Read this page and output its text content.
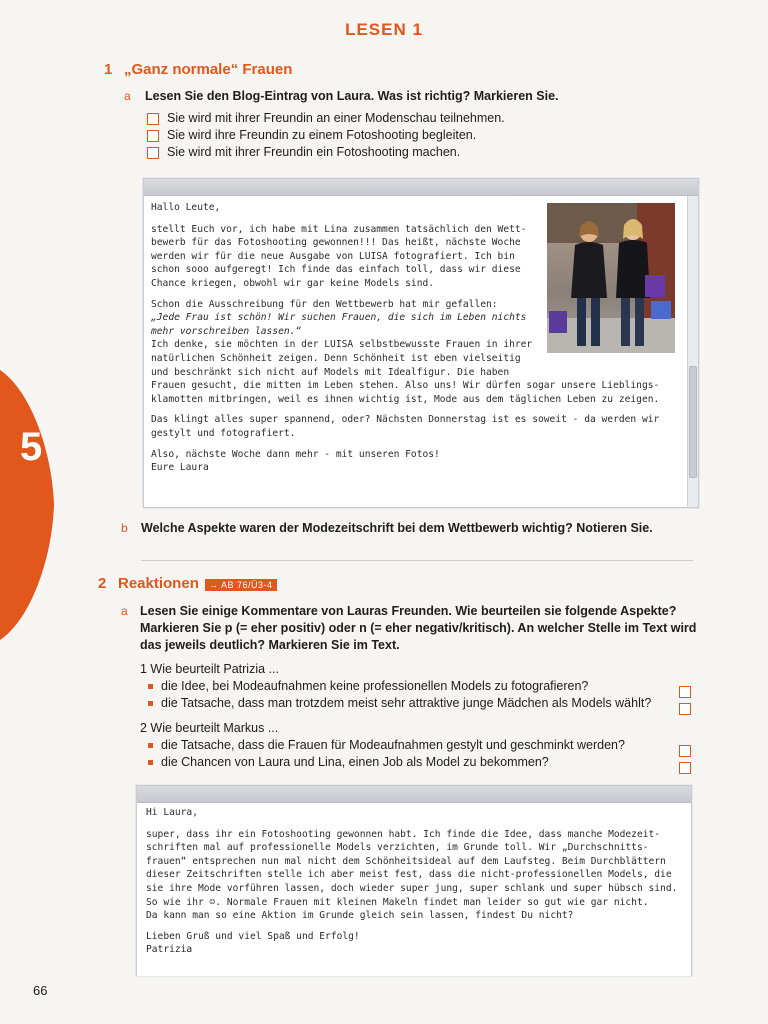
5
LESEN 1
1 „Ganz normale“ Frauen
a Lesen Sie den Blog-Eintrag von Laura. Was ist richtig? Markieren Sie.
Sie wird mit ihrer Freundin an einer Modenschau teilnehmen.
Sie wird ihre Freundin zu einem Fotoshooting begleiten.
Sie wird mit ihrer Freundin ein Fotoshooting machen.
Hallo Leute,
stellt Euch vor, ich habe mit Lina zusammen tatsächlich den Wett-
bewerb für das Fotoshooting gewonnen!!! Das heißt, nächste Woche
werden wir für die neue Ausgabe von LUISA fotografiert. Ich bin
schon sooo aufgeregt! Ich finde das einfach toll, dass wir diese
Chance kriegen, obwohl wir gar keine Models sind.
Schon die Ausschreibung für den Wettbewerb hat mir gefallen:
„Jede Frau ist schön! Wir suchen Frauen, die sich im Leben nichts
mehr vorschreiben lassen.“
Ich denke, sie möchten in der LUISA selbstbewusste Frauen in ihrer
natürlichen Schönheit zeigen. Denn Schönheit ist eben vielseitig
und beschränkt sich nicht auf Models mit Idealfigur. Die haben
Frauen gesucht, die mitten im Leben stehen. Also uns! Wir dürfen sogar unsere Lieblings-
klamotten mitbringen, weil es ihnen wichtig ist, Mode aus dem täglichen Leben zu zeigen.
Das klingt alles super spannend, oder? Nächsten Donnerstag ist es soweit - da werden wir
gestylt und fotografiert.
Also, nächste Woche dann mehr - mit unseren Fotos!
Eure Laura
b Welche Aspekte waren der Modezeitschrift bei dem Wettbewerb wichtig? Notieren Sie.
2 Reaktionen	→ AB 76/Ü3-4
a Lesen Sie einige Kommentare von Lauras Freunden. Wie beurteilen sie folgende Aspekte?
Markieren Sie p (= eher positiv) oder n (= eher negativ/kritisch). An welcher Stelle im Text wird
das jeweils deutlich? Markieren Sie im Text.
1 Wie beurteilt Patrizia ...
die Idee, bei Modeaufnahmen keine professionellen Models zu fotografieren?
die Tatsache, dass man trotzdem meist sehr attraktive junge Mädchen als Models wählt?
2 Wie beurteilt Markus ...
die Tatsache, dass die Frauen für Modeaufnahmen gestylt und geschminkt werden?
die Chancen von Laura und Lina, einen Job als Model zu bekommen?
Hi Laura,
super, dass ihr ein Fotoshooting gewonnen habt. Ich finde die Idee, dass manche Modezeit-
schriften mal auf professionelle Models verzichten, im Grunde toll. Wir „Durchschnitts-
frauen“ entsprechen nun mal nicht dem Schönheitsideal auf dem Laufsteg. Beim Durchblättern
dieser Zeitschriften stelle ich aber meist fest, dass die nicht-professionellen Models, die
sie ihre Mode vorführen lassen, doch wieder super jung, super schlank und super hübsch sind.
So wie ihr ☺. Normale Frauen mit kleinen Makeln findet man leider so gut wie gar nicht.
Da kann man so eine Aktion im Grunde gleich sein lassen, findest Du nicht?
Lieben Gruß und viel Spaß und Erfolg!
Patrizia
66
